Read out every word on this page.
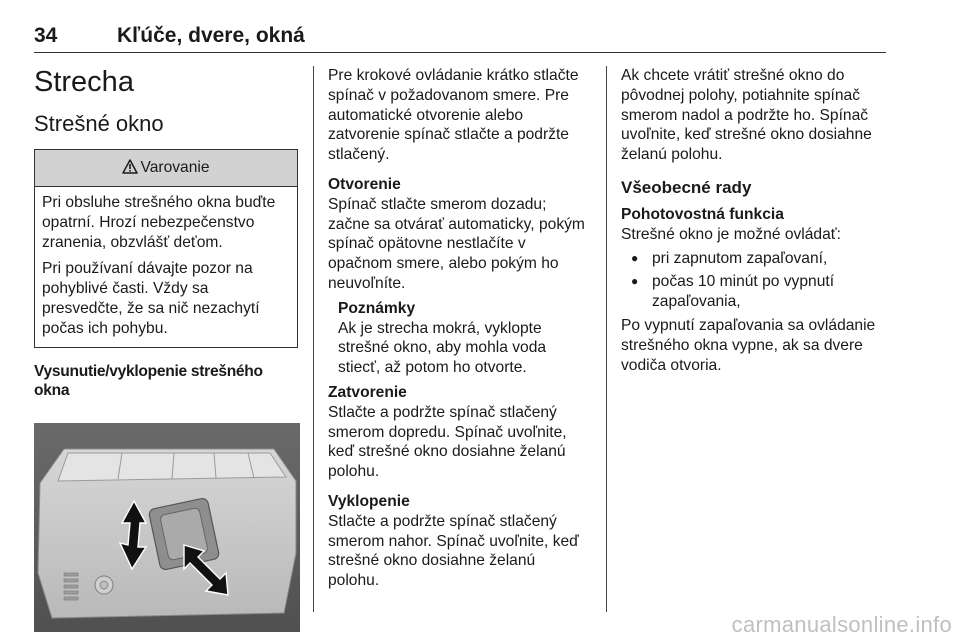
34	Kľúče, dvere, okná
Strecha
Strešné okno
Varovanie

Pri obsluhe strešného okna buďte opatrní. Hrozí nebezpečenstvo zranenia, obzvlášť deťom.

Pri používaní dávajte pozor na pohyblivé časti. Vždy sa presvedčte, že sa nič nezachytí počas ich pohybu.

Vysunutie/vyklopenie strešného okna

Pre krokové ovládanie krátko stlačte spínač v požadovanom smere. Pre automatické otvorenie alebo zatvorenie spínač stlačte a podržte stlačený.

Otvorenie

Spínač stlačte smerom dozadu; začne sa otvárať automaticky, pokým spínač opätovne nestlačíte v opačnom smere, alebo pokým ho neuvoľníte.

Poznámky

Ak je strecha mokrá, vyklopte strešné okno, aby mohla voda stiecť, až potom ho otvorte.

Zatvorenie

Stlačte a podržte spínač stlačený smerom dopredu. Spínač uvoľnite, keď strešné okno dosiahne želanú polohu.

Vyklopenie

Stlačte a podržte spínač stlačený smerom nahor. Spínač uvoľnite, keď strešné okno dosiahne želanú polohu.

Ak chcete vrátiť strešné okno do pôvodnej polohy, potiahnite spínač smerom nadol a podržte ho. Spínač uvoľnite, keď strešné okno dosiahne želanú polohu.

Všeobecné rady

Pohotovostná funkcia

Strešné okno je možné ovládať:

● pri zapnutom zapaľovaní,
● počas 10 minút po vypnutí zapaľovania,

Po vypnutí zapaľovania sa ovládanie strešného okna vypne, ak sa dvere vodiča otvoria.

carmanualsonline.info
